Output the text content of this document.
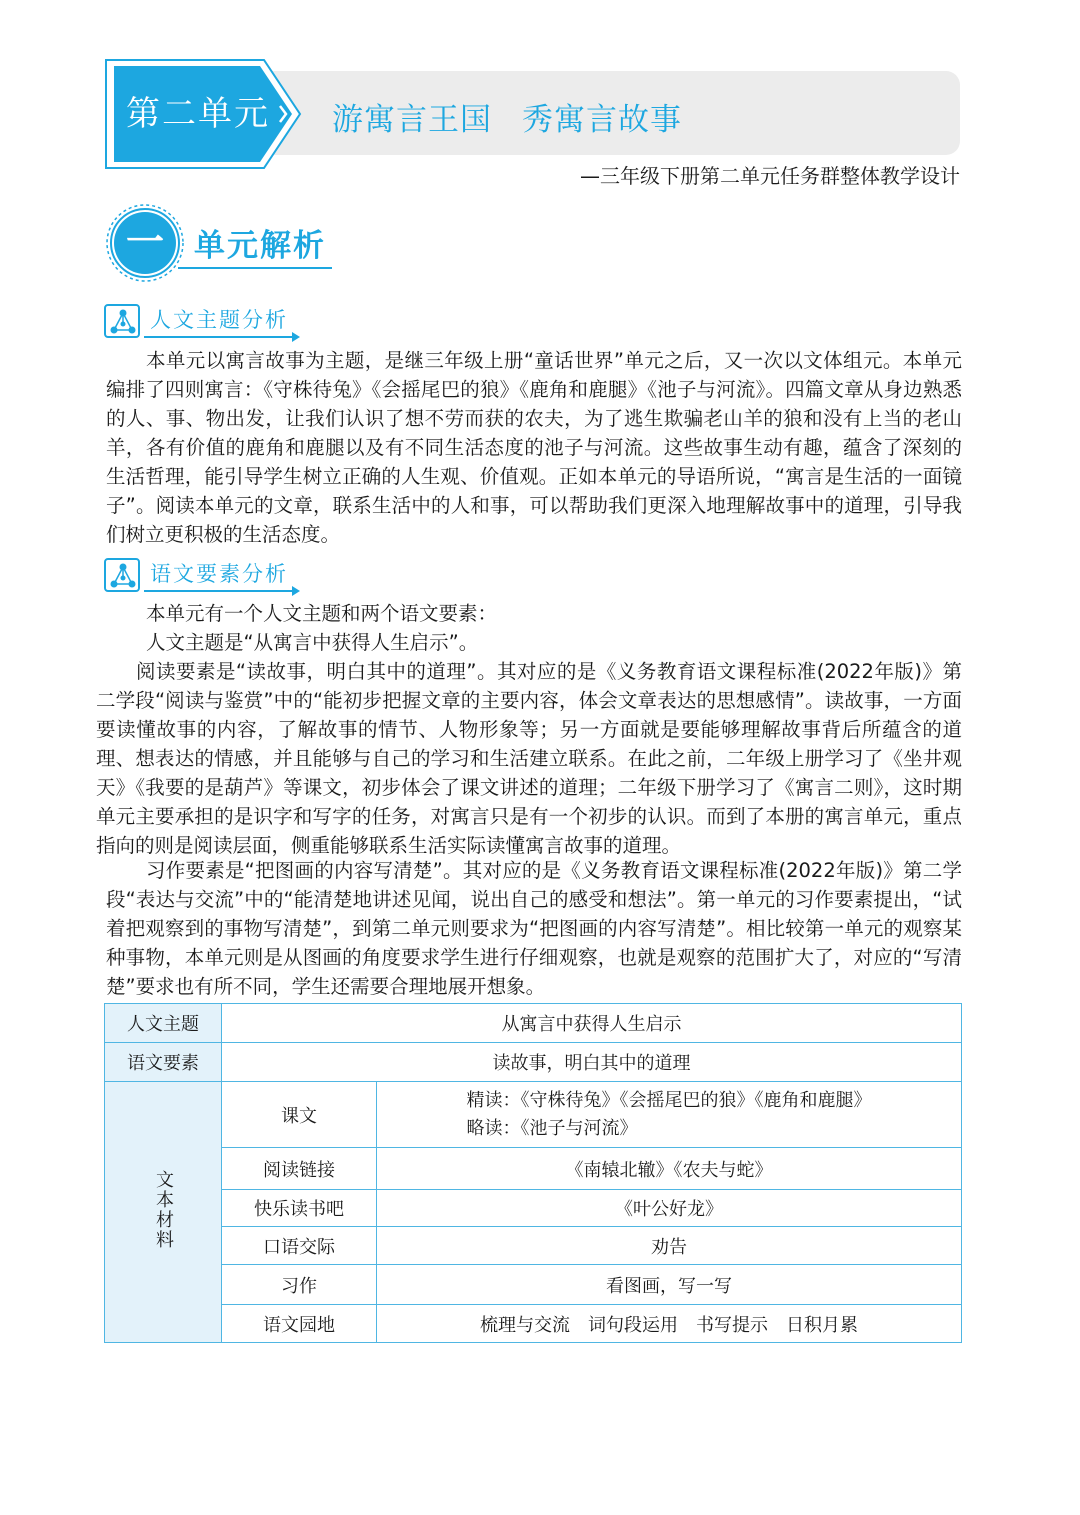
第二单元 游寓言王国 秀寓言故事
—三年级下册第二单元任务群整体教学设计
一 单元解析
人文主题分析

本单元以寓言故事为主题，是继三年级上册“童话世界”单元之后，又一次以文体组元。本单元编排了四则寓言：《守株待兔》《会摇尾巴的狼》《鹿角和鹿腿》《池子与河流》。四篇文章从身边熟悉的人、事、物出发，让我们认识了想不劳而获的农夫，为了逃生欺骗老山羊的狼和没有上当的老山羊，各有价值的鹿角和鹿腿以及有不同生活态度的池子与河流。这些故事生动有趣，蕴含了深刻的生活哲理，能引导学生树立正确的人生观、价值观。正如本单元的导语所说，“寓言是生活的一面镜子”。阅读本单元的文章，联系生活中的人和事，可以帮助我们更深入地理解故事中的道理，引导我们树立更积极的生活态度。

语文要素分析

本单元有一个人文主题和两个语文要素：

人文主题是“从寓言中获得人生启示”。

阅读要素是“读故事，明白其中的道理”。其对应的是《义务教育语文课程标准(2022年版)》第二学段“阅读与鉴赏”中的“能初步把握文章的主要内容，体会文章表达的思想感情”。读故事，一方面要读懂故事的内容，了解故事的情节、人物形象等；另一方面就是要能够理解故事背后所蕴含的道理、想表达的情感，并且能够与自己的学习和生活建立联系。在此之前，二年级上册学习了《坐井观天》《我要的是葫芦》等课文，初步体会了课文讲述的道理；二年级下册学习了《寓言二则》，这时期单元主要承担的是识字和写字的任务，对寓言只是有一个初步的认识。而到了本册的寓言单元，重点指向的则是阅读层面，侧重能够联系生活实际读懂寓言故事的道理。

习作要素是“把图画的内容写清楚”。其对应的是《义务教育语文课程标准(2022年版)》第二学段“表达与交流”中的“能清楚地讲述见闻，说出自己的感受和想法”。第一单元的习作要素提出，“试着把观察到的事物写清楚”，到第二单元则要求为“把图画的内容写清楚”。相比较第一单元的观察某种事物，本单元则是从图画的角度要求学生进行仔细观察，也就是观察的范围扩大了，对应的“写清楚”要求也有所不同，学生还需要合理地展开想象。

人文主题	从寓言中获得人生启示	
语文要素	读故事，明白其中的道理	
文本材料	课文	精读：《守株待兔》《会摇尾巴的狼》《鹿角和鹿腿》
略读：《池子与河流》
	阅读链接	《南辕北辙》《农夫与蛇》
	快乐读书吧	《叶公好龙》
	口语交际	劝告
	习作	看图画，写一写
	语文园地	梳理与交流　词句段运用　书写提示　日积月累
